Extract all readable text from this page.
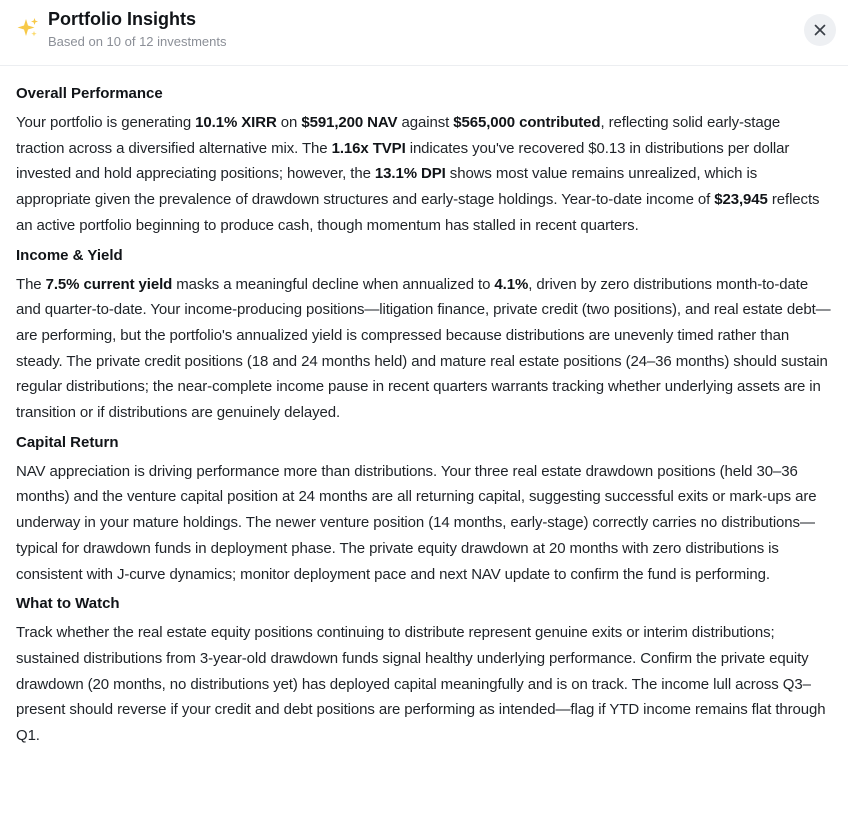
Portfolio Insights
Based on 10 of 12 investments
Overall Performance

Your portfolio is generating 10.1% XIRR on $591,200 NAV against $565,000 contributed, reflecting solid early-stage traction across a diversified alternative mix. The 1.16x TVPI indicates you've recovered $0.13 in distributions per dollar invested and hold appreciating positions; however, the 13.1% DPI shows most value remains unrealized, which is appropriate given the prevalence of drawdown structures and early-stage holdings. Year-to-date income of $23,945 reflects an active portfolio beginning to produce cash, though momentum has stalled in recent quarters.

Income & Yield

The 7.5% current yield masks a meaningful decline when annualized to 4.1%, driven by zero distributions month-to-date and quarter-to-date. Your income-producing positions—litigation finance, private credit (two positions), and real estate debt—are performing, but the portfolio's annualized yield is compressed because distributions are unevenly timed rather than steady. The private credit positions (18 and 24 months held) and mature real estate positions (24–36 months) should sustain regular distributions; the near-complete income pause in recent quarters warrants tracking whether underlying assets are in transition or if distributions are genuinely delayed.

Capital Return

NAV appreciation is driving performance more than distributions. Your three real estate drawdown positions (held 30–36 months) and the venture capital position at 24 months are all returning capital, suggesting successful exits or mark-ups are underway in your mature holdings. The newer venture position (14 months, early-stage) correctly carries no distributions—typical for drawdown funds in deployment phase. The private equity drawdown at 20 months with zero distributions is consistent with J-curve dynamics; monitor deployment pace and next NAV update to confirm the fund is performing.

What to Watch

Track whether the real estate equity positions continuing to distribute represent genuine exits or interim distributions; sustained distributions from 3-year-old drawdown funds signal healthy underlying performance. Confirm the private equity drawdown (20 months, no distributions yet) has deployed capital meaningfully and is on track. The income lull across Q3–present should reverse if your credit and debt positions are performing as intended—flag if YTD income remains flat through Q1.
